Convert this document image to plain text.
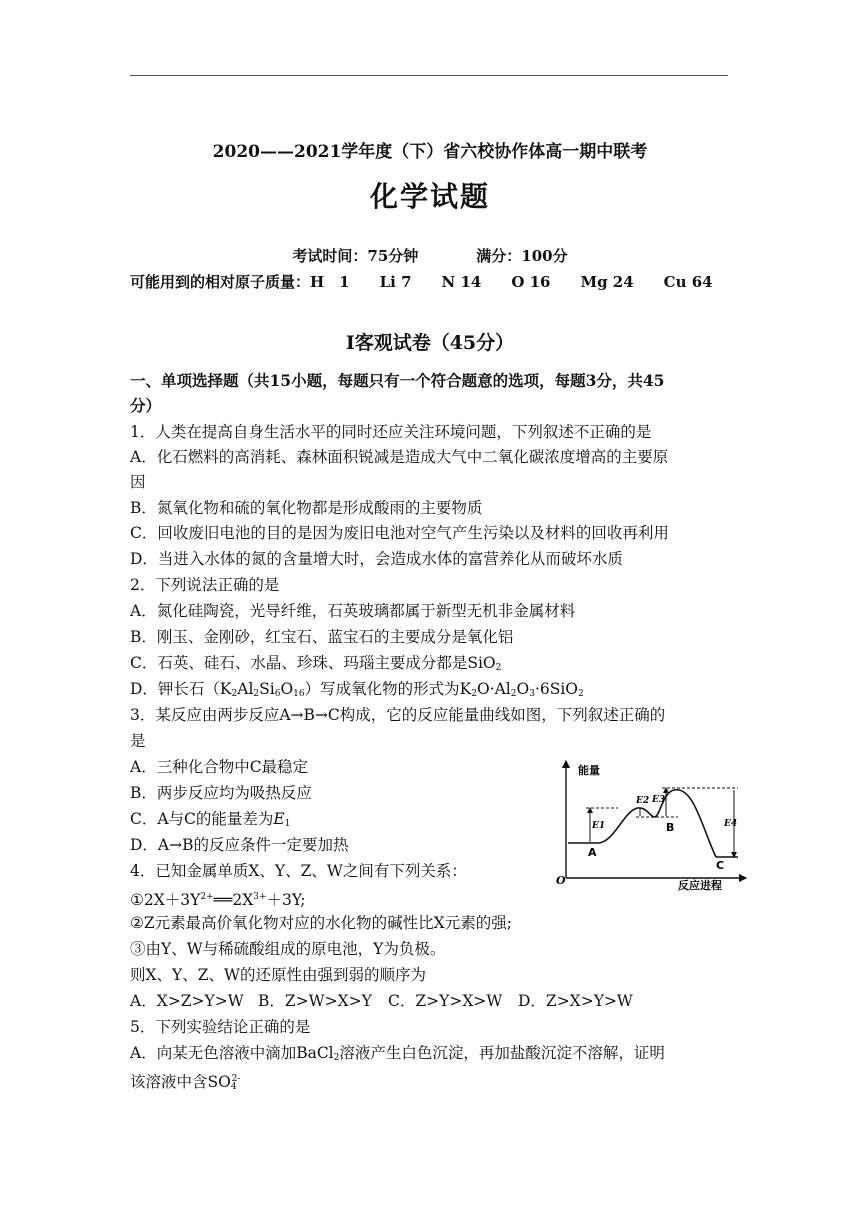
2020——2021学年度（下）省六校协作体高一期中联考
化学试题
考试时间：75分钟	满分：100分
可能用到的相对原子质量：H　1　　Li 7　　N 14　　O 16　　Mg 24　　Cu 64
Ⅰ客观试卷（45分）
一、单项选择题（共15小题，每题只有一个符合题意的选项，每题3分，共45
分）
1．人类在提高自身生活水平的同时还应关注环境问题，下列叙述不正确的是
A．化石燃料的高消耗、森林面积锐减是造成大气中二氧化碳浓度增高的主要原
因
B．氮氧化物和硫的氧化物都是形成酸雨的主要物质
C．回收废旧电池的目的是因为废旧电池对空气产生污染以及材料的回收再利用
D．当进入水体的氮的含量增大时，会造成水体的富营养化从而破坏水质
2．下列说法正确的是
A．氮化硅陶瓷，光导纤维，石英玻璃都属于新型无机非金属材料
B．刚玉、金刚砂，红宝石、蓝宝石的主要成分是氧化铝
C．石英、硅石、水晶、珍珠、玛瑙主要成分都是SiO$_2$
D．钾长石$(K_2Al_2Si_6O_{16})$写成氧化物的形式为$K_2O\cdot Al_2O_3\cdot 6SiO_2$
3．某反应由两步反应A→B→C构成，它的反应能量曲线如图，下列叙述正确的
是
A．三种化合物中C最稳定
B．两步反应均为吸热反应
C．A与C的能量差为$E_1$
D．A→B的反应条件一定要加热
能量
反应进程
O
A
B
C
E1
E2 E3
E4
4．已知金属单质X、Y、Z、W之间有下列关系：
$①2X+3Y^{2+}══2X^{3+}+3Y$;
②Z元素最高价氧化物对应的水化物的碱性比X元素的强;
③由Y、W与稀硫酸组成的原电池，Y为负极。
则X、Y、Z、W的还原性由强到弱的顺序为
A．X>Z>Y>W B．Z>W>X>Y C．Z>Y>X>W D．Z>X>Y>W
5．下列实验结论正确的是
A．向某无色溶液中滴加BaCl$_2$溶液产生白色沉淀，再加盐酸沉淀不溶解，证明
该溶液中含$SO_4^{2-}$
